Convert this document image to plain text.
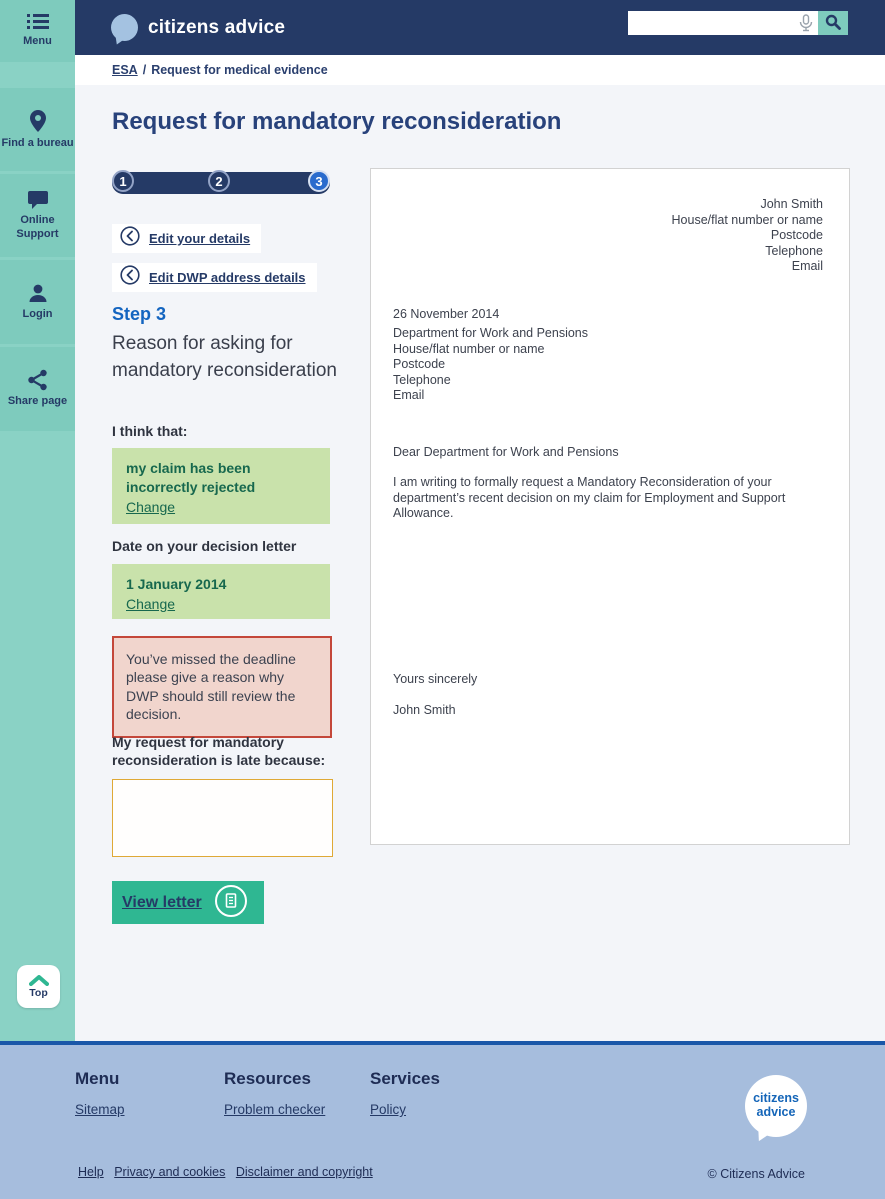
Menu
Find a bureau
Online Support
Login
Share page
Top
citizens advice
ESA / Request for medical evidence
Request for mandatory reconsideration
1	2	3
Edit your details
Edit DWP address details
Step 3
Reason for asking for mandatory reconsideration
I think that:
my claim has been incorrectly rejected
Change
Date on your decision letter
1 January 2014
Change
You’ve missed the deadline please give a reason why DWP should still review the decision.
My request for mandatory reconsideration is late because:
View letter
John Smith
House/flat number or name
Postcode
Telephone
Email
26 November 2014
Department for Work and Pensions
House/flat number or name
Postcode
Telephone
Email
Dear Department for Work and Pensions

I am writing to formally request a Mandatory Reconsideration of your department’s recent decision on my claim for Employment and Support Allowance.

Yours sincerely
John Smith
Menu
Sitemap
Resources
Problem checker
Services
Policy
citizens advice
Help Privacy and cookies Disclaimer and copyright	© Citizens Advice
